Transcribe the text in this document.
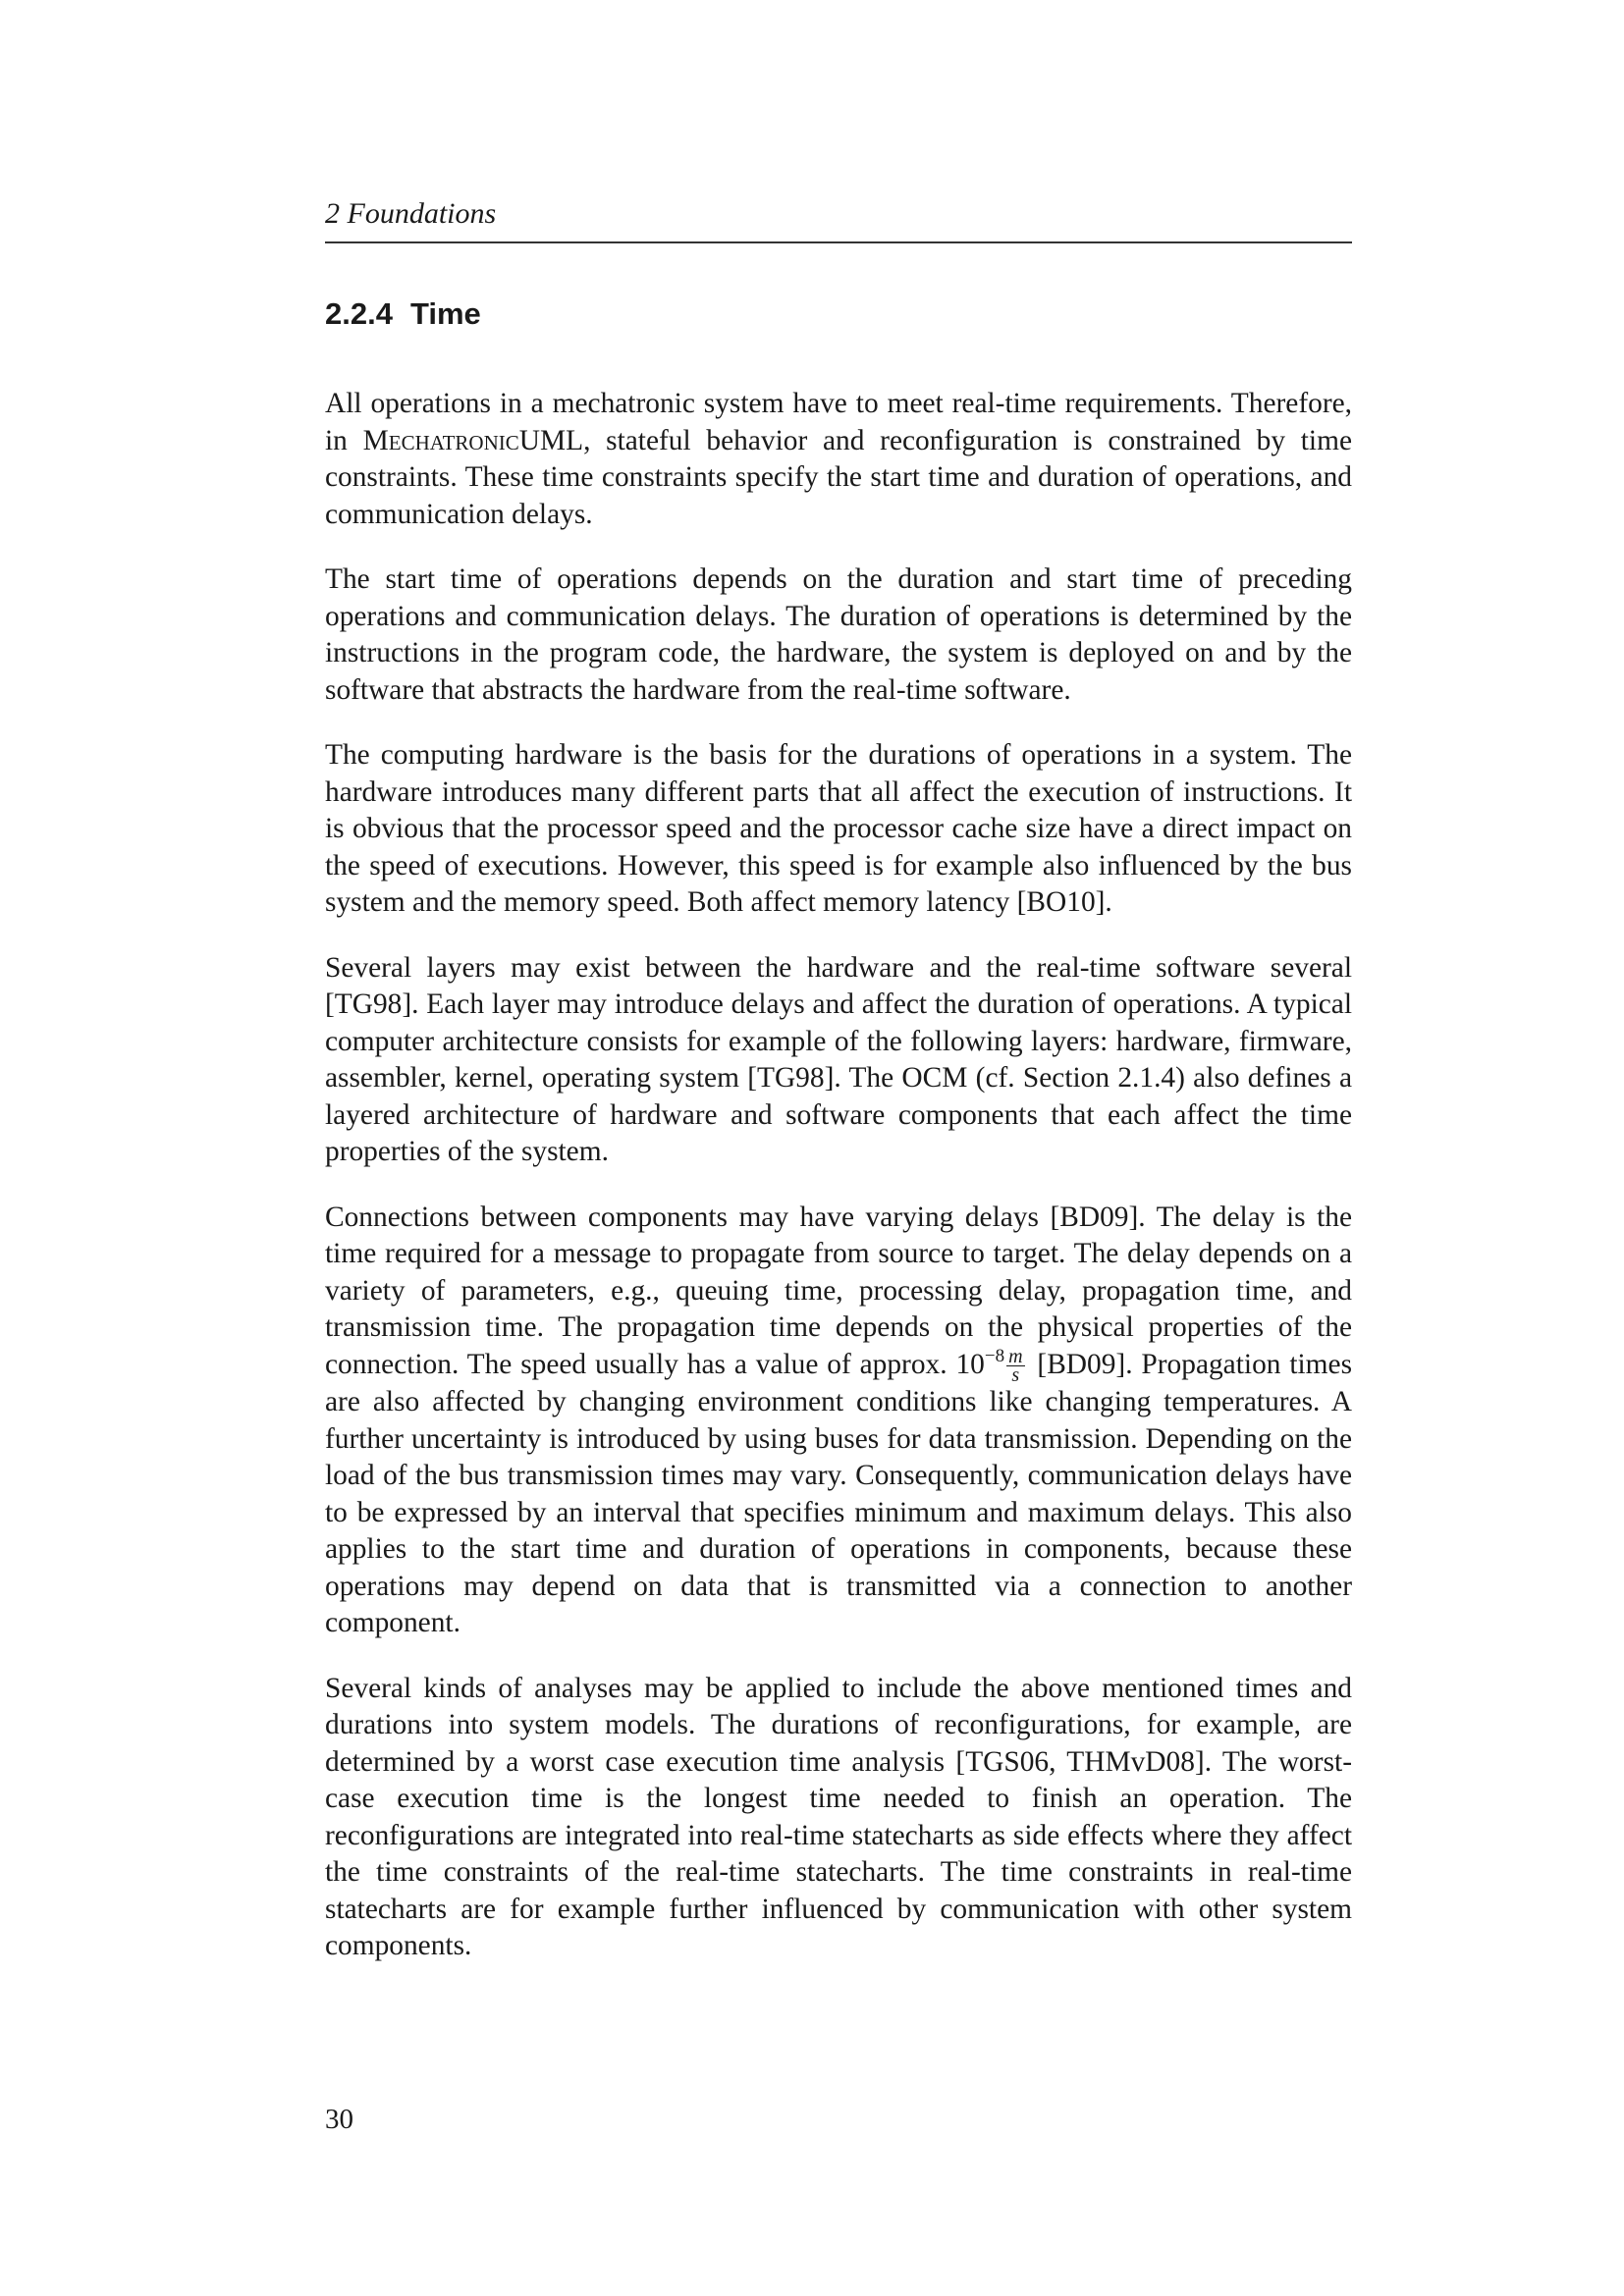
2 Foundations
2.2.4 Time

All operations in a mechatronic system have to meet real-time requirements. Therefore, in MechatronicUML, stateful behavior and reconfiguration is constrained by time constraints. These time constraints specify the start time and duration of operations, and communication delays.

The start time of operations depends on the duration and start time of preceding operations and communication delays. The duration of operations is determined by the instructions in the program code, the hardware, the system is deployed on and by the software that abstracts the hardware from the real-time software.

The computing hardware is the basis for the durations of operations in a system. The hardware introduces many different parts that all affect the execution of instructions. It is obvious that the processor speed and the processor cache size have a direct impact on the speed of executions. However, this speed is for example also influenced by the bus system and the memory speed. Both affect memory latency [BO10].

Several layers may exist between the hardware and the real-time software several [TG98]. Each layer may introduce delays and affect the duration of operations. A typical computer architecture consists for example of the following layers: hardware, firmware, assembler, kernel, operating system [TG98]. The OCM (cf. Section 2.1.4) also defines a layered architecture of hardware and software components that each affect the time properties of the system.

Connections between components may have varying delays [BD09]. The delay is the time required for a message to propagate from source to target. The delay depends on a variety of parameters, e.g., queuing time, processing delay, propagation time, and transmission time. The propagation time depends on the physical properties of the connection. The speed usually has a value of approx. $10^{-8} \frac{m}{s} [BD09]$. Propagation times are also affected by changing environment conditions like changing temperatures. A further uncertainty is introduced by using buses for data transmission. Depending on the load of the bus transmission times may vary. Consequently, communication delays have to be expressed by an interval that specifies minimum and maximum delays. This also applies to the start time and duration of operations in components, because these operations may depend on data that is transmitted via a connection to another component.

Several kinds of analyses may be applied to include the above mentioned times and durations into system models. The durations of reconfigurations, for example, are determined by a worst case execution time analysis [TGS06, THMvD08]. The worst-case execution time is the longest time needed to finish an operation. The reconfigurations are integrated into real-time statecharts as side effects where they affect the time constraints of the real-time statecharts. The time constraints in real-time statecharts are for example further influenced by communication with other system components.

30
